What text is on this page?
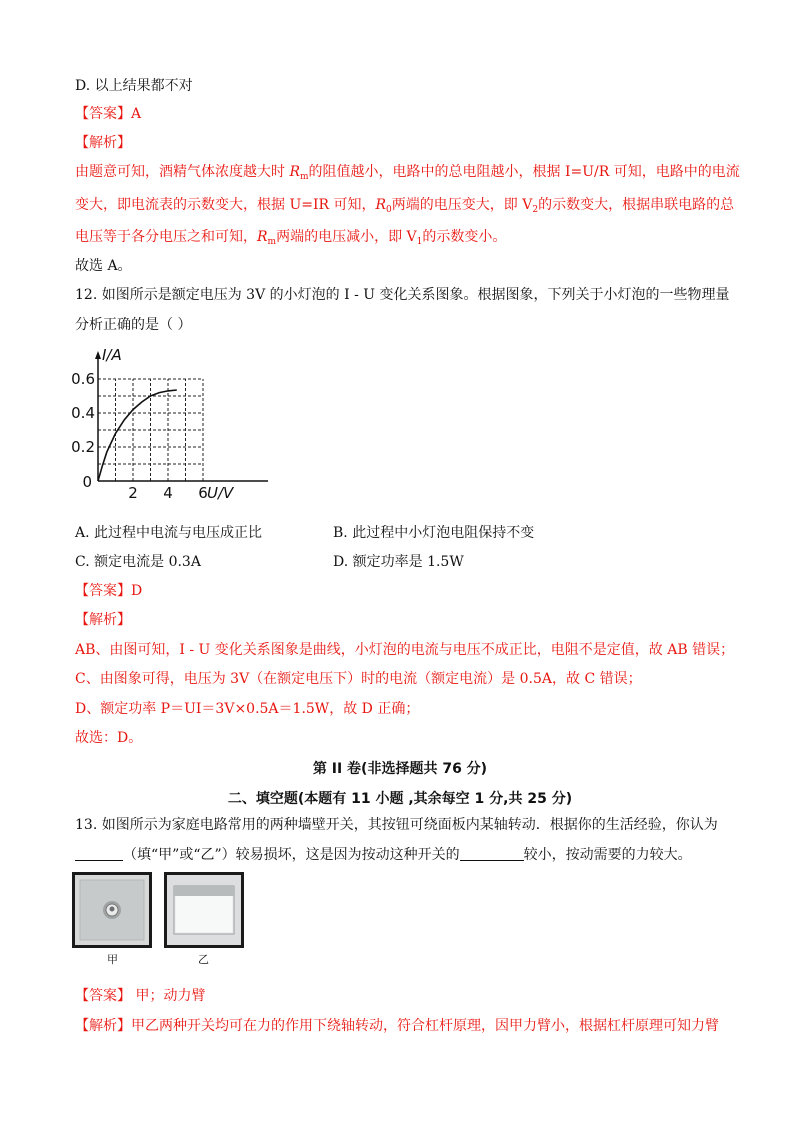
D. 以上结果都不对
【答案】A
【解析】
由题意可知，酒精气体浓度越大时 $R_m$的阻值越小，电路中的总电阻越小，根据 I=U/R 可知，电路中的电流
变大，即电流表的示数变大，根据 U=IR 可知，$R_0$两端的电压变大，即 $V_2$的示数变大，根据串联电路的总
电压等于各分电压之和可知，$R_m$两端的电压减小，即 $V_1$的示数变小。
故选 A。
12. 如图所示是额定电压为 3V 的小灯泡的 I - U 变化关系图象。根据图象，下列关于小灯泡的一些物理量
分析正确的是（ ）
0.2
0.4
0.6
2 4 6
0
I/A
U/V
A. 此过程中电流与电压成正比	B. 此过程中小灯泡电阻保持不变
C. 额定电流是 0.3A	D. 额定功率是 1.5W
【答案】D
【解析】
AB、由图可知，I - U 变化关系图象是曲线，小灯泡的电流与电压不成正比，电阻不是定值，故 AB 错误；
C、由图象可得，电压为 3V（在额定电压下）时的电流（额定电流）是 0.5A，故 C 错误；
D、额定功率 P＝UI＝3V×0.5A＝1.5W，故 D 正确；
故选：D。
第 II 卷(非选择题共 76 分)
二、填空题(本题有 11 小题 ,其余每空 1 分,共 25 分)
13. 如图所示为家庭电路常用的两种墙壁开关，其按钮可绕面板内某轴转动．根据你的生活经验，你认为
（填“甲”或“乙”）较易损坏，这是因为按动这种开关的	较小，按动需要的力较大。
甲	乙
【答案】 甲；动力臂
【解析】甲乙两种开关均可在力的作用下绕轴转动，符合杠杆原理，因甲力臂小，根据杠杆原理可知力臂
